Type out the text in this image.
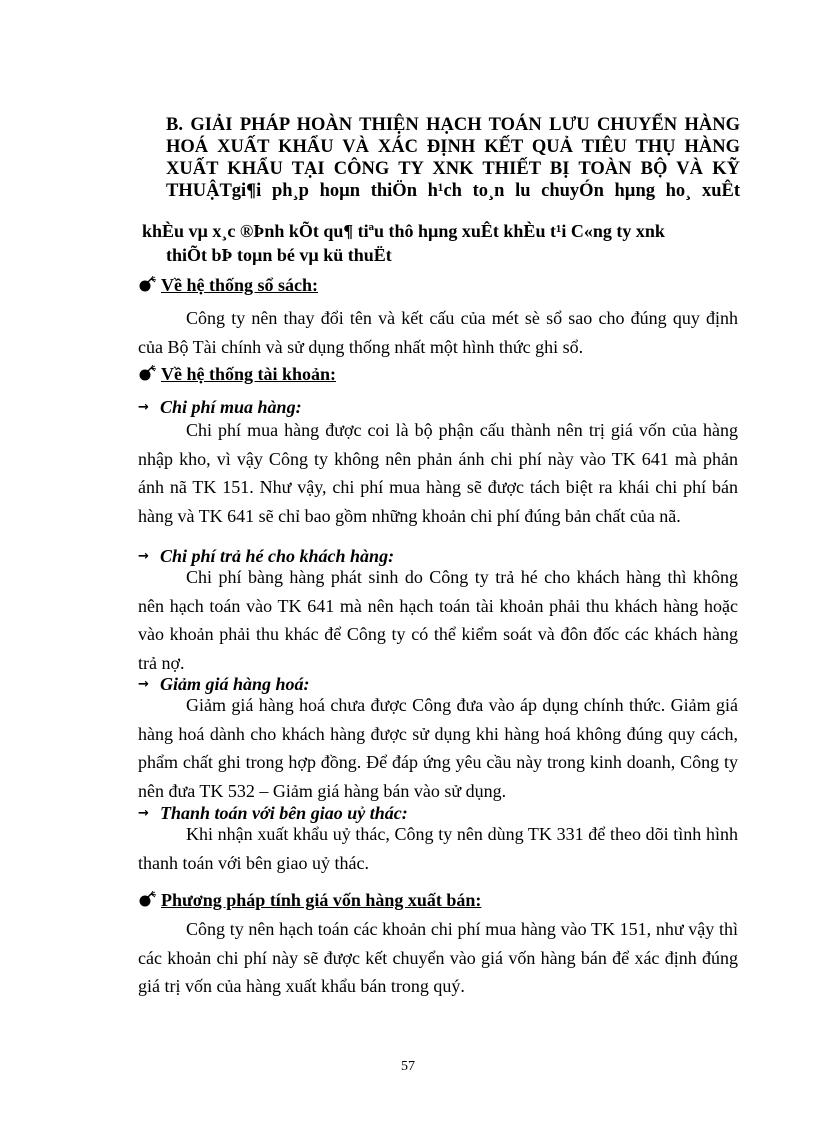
B. GIẢI PHÁP HOÀN THIỆN HẠCH TOÁN LƯU CHUYỂN HÀNG
HOÁ XUẤT KHẨU VÀ XÁC ĐỊNH KẾT QUẢ TIÊU THỤ HÀNG
XUẤT KHẨU TẠI CÔNG TY XNK THIẾT BỊ TOÀN BỘ VÀ KỸ
THUẬTgi¶i ph¸p hoµn thiÖn h¹ch to¸n lu chuyÓn hµng ho¸ xuÊt
khÈu vµ x¸c ®Þnh kÕt qu¶ tiªu thô hµng xuÊt khÈu t¹i C«ng ty xnk
thiÕt bÞ toµn bé vµ kü thuËt
Về hệ thống sổ sách:
Công ty nên thay đổi tên và kết cấu của mét sè sổ sao cho đúng quy định của Bộ Tài chính và sử dụng thống nhất một hình thức ghi sổ.
Về hệ thống tài khoản:
→ Chi phí mua hàng:
Chi phí mua hàng được coi là bộ phận cấu thành nên trị giá vốn của hàng nhập kho, vì vậy Công ty không nên phản ánh chi phí này vào TK 641 mà phản ánh nã TK 151. Như vậy, chi phí mua hàng sẽ được tách biệt ra khái chi phí bán hàng và TK 641 sẽ chỉ bao gồm những khoản chi phí đúng bản chất của nã.
→ Chi phí trả hé cho khách hàng:
Chi phí bàng hàng phát sinh do Công ty trả hé cho khách hàng thì không nên hạch toán vào TK 641 mà nên hạch toán tài khoản phải thu khách hàng hoặc vào khoản phải thu khác để Công ty có thể kiểm soát và đôn đốc các khách hàng trả nợ.
→ Giảm giá hàng hoá:
Giảm giá hàng hoá chưa được Công đưa vào áp dụng chính thức. Giảm giá hàng hoá dành cho khách hàng được sử dụng khi hàng hoá không đúng quy cách, phẩm chất ghi trong hợp đồng. Để đáp ứng yêu cầu này trong kinh doanh, Công ty nên đưa TK 532 – Giảm giá hàng bán vào sử dụng.
→ Thanh toán với bên giao uỷ thác:
Khi nhận xuất khẩu uỷ thác, Công ty nên dùng TK 331 để theo dõi tình hình thanh toán với bên giao uỷ thác.
Phương pháp tính giá vốn hàng xuất bán:
Công ty nên hạch toán các khoản chi phí mua hàng vào TK 151, như vậy thì các khoản chi phí này sẽ được kết chuyển vào giá vốn hàng bán để xác định đúng giá trị vốn của hàng xuất khẩu bán trong quý.
57
